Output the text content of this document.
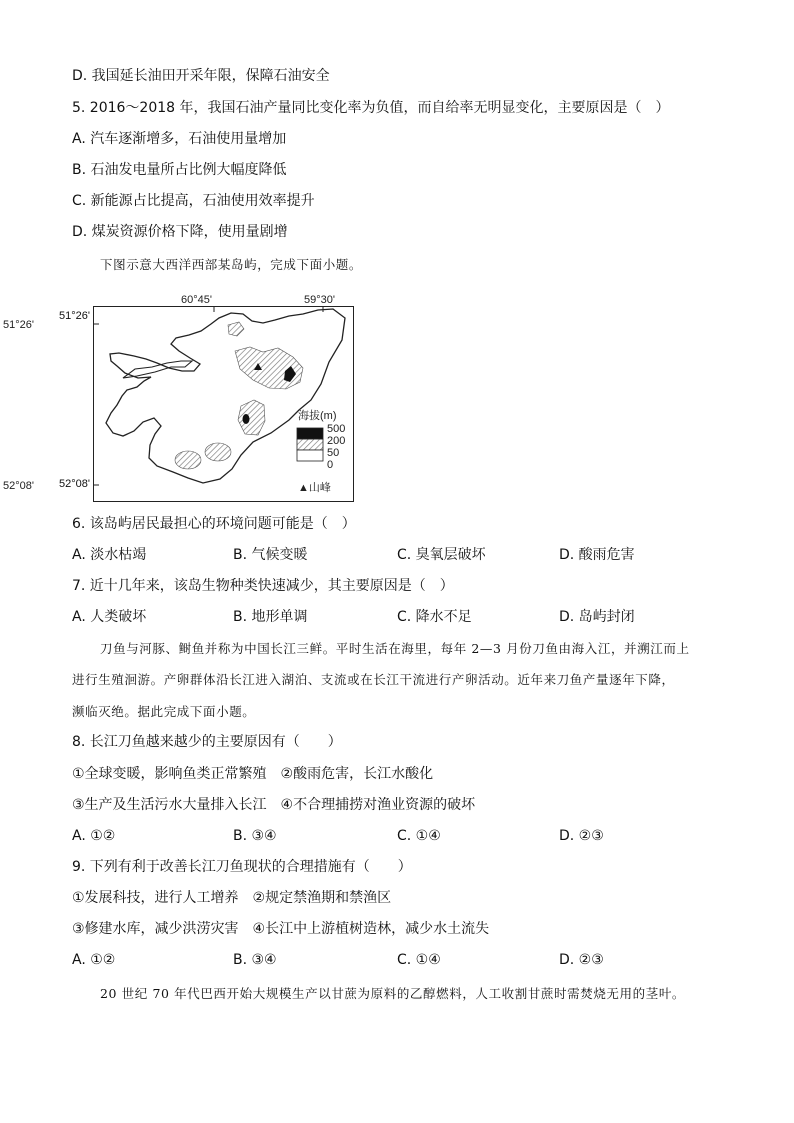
D. 我国延长油田开采年限，保障石油安全
5. 2016～2018 年，我国石油产量同比变化率为负值，而自给率无明显变化，主要原因是（　）
A. 汽车逐渐增多，石油使用量增加
B. 石油发电量所占比例大幅度降低
C. 新能源占比提高，石油使用效率提升
D. 煤炭资源价格下降，使用量剧增
下图示意大西洋西部某岛屿，完成下面小题。
60°45'	59°30'
51°26'
52°08'
海拔(m)
500
200
50
0
▲山峰
51°26'
52°08'
6. 该岛屿居民最担心的环境问题可能是（　）
A. 淡水枯竭	B. 气候变暖	C. 臭氧层破坏	D. 酸雨危害
7. 近十几年来，该岛生物种类快速减少，其主要原因是（　）
A. 人类破坏	B. 地形单调	C. 降水不足	D. 岛屿封闭
刀鱼与河豚、鲥鱼并称为中国长江三鲜。平时生活在海里，每年 2—3 月份刀鱼由海入江，并溯江而上
进行生殖洄游。产卵群体沿长江进入湖泊、支流或在长江干流进行产卵活动。近年来刀鱼产量逐年下降，
濒临灭绝。据此完成下面小题。
8. 长江刀鱼越来越少的主要原因有（　　）
①全球变暖，影响鱼类正常繁殖　②酸雨危害，长江水酸化
③生产及生活污水大量排入长江　④不合理捕捞对渔业资源的破坏
A. ①②	B. ③④	C. ①④	D. ②③
9. 下列有利于改善长江刀鱼现状的合理措施有（　　）
①发展科技，进行人工增养　②规定禁渔期和禁渔区
③修建水库，减少洪涝灾害　④长江中上游植树造林，减少水土流失
A. ①②	B. ③④	C. ①④	D. ②③
20 世纪 70 年代巴西开始大规模生产以甘蔗为原料的乙醇燃料，人工收割甘蔗时需焚烧无用的茎叶。
